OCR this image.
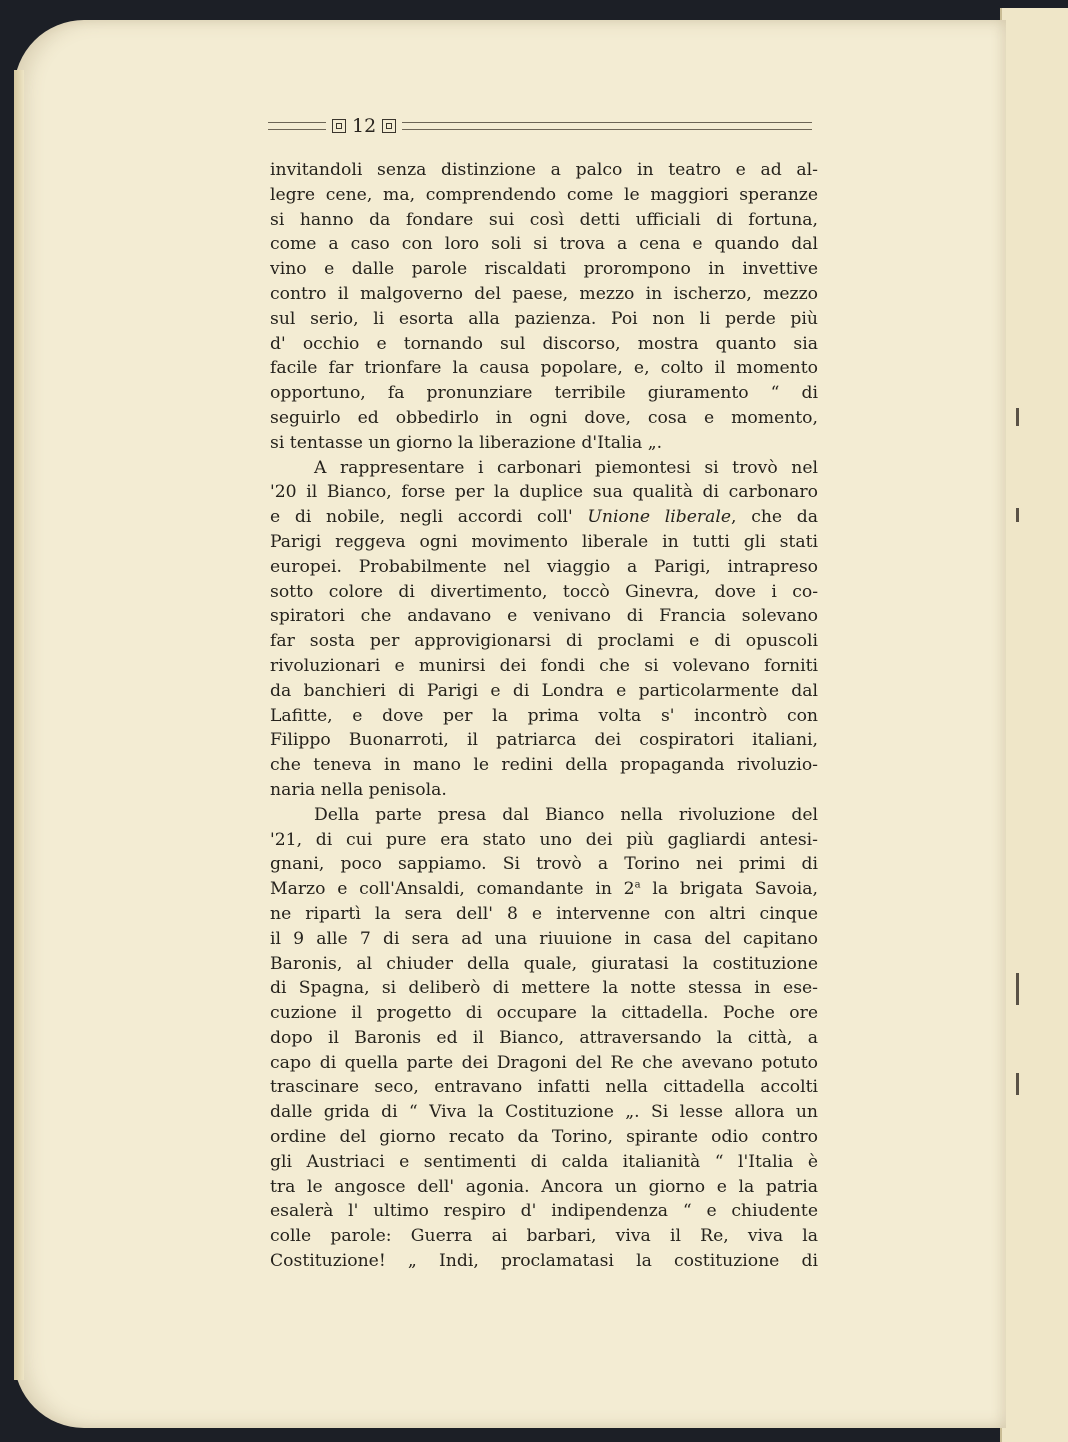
12
invitandoli senza distinzione a palco in teatro e ad al-
legre cene, ma, comprendendo come le maggiori speranze
si hanno da fondare sui così detti ufficiali di fortuna,
come a caso con loro soli si trova a cena e quando dal
vino e dalle parole riscaldati prorompono in invettive
contro il malgoverno del paese, mezzo in ischerzo, mezzo
sul serio, li esorta alla pazienza. Poi non li perde più
d' occhio e tornando sul discorso, mostra quanto sia
facile far trionfare la causa popolare, e, colto il momento
opportuno, fa pronunziare terribile giuramento “ di
seguirlo ed obbedirlo in ogni dove, cosa e momento,
si tentasse un giorno la liberazione d'Italia „.
A rappresentare i carbonari piemontesi si trovò nel
'20 il Bianco, forse per la duplice sua qualità di carbonaro
e di nobile, negli accordi coll' Unione liberale, che da
Parigi reggeva ogni movimento liberale in tutti gli stati
europei. Probabilmente nel viaggio a Parigi, intrapreso
sotto colore di divertimento, toccò Ginevra, dove i co-
spiratori che andavano e venivano di Francia solevano
far sosta per approvigionarsi di proclami e di opuscoli
rivoluzionari e munirsi dei fondi che si volevano forniti
da banchieri di Parigi e di Londra e particolarmente dal
Lafitte, e dove per la prima volta s' incontrò con
Filippo Buonarroti, il patriarca dei cospiratori italiani,
che teneva in mano le redini della propaganda rivoluzio-
naria nella penisola.
Della parte presa dal Bianco nella rivoluzione del
'21, di cui pure era stato uno dei più gagliardi antesi-
gnani, poco sappiamo. Si trovò a Torino nei primi di
Marzo e coll'Ansaldi, comandante in 2$^a$ la brigata Savoia,
ne ripartì la sera dell' 8 e intervenne con altri cinque
il 9 alle 7 di sera ad una riuuione in casa del capitano
Baronis, al chiuder della quale, giuratasi la costituzione
di Spagna, si deliberò di mettere la notte stessa in ese-
cuzione il progetto di occupare la cittadella. Poche ore
dopo il Baronis ed il Bianco, attraversando la città, a
capo di quella parte dei Dragoni del Re che avevano potuto
trascinare seco, entravano infatti nella cittadella accolti
dalle grida di “ Viva la Costituzione „. Si lesse allora un
ordine del giorno recato da Torino, spirante odio contro
gli Austriaci e sentimenti di calda italianità “ l'Italia è
tra le angosce dell' agonia. Ancora un giorno e la patria
esalerà l' ultimo respiro d' indipendenza “ e chiudente
colle parole: Guerra ai barbari, viva il Re, viva la
Costituzione! „ Indi, proclamatasi la costituzione di
